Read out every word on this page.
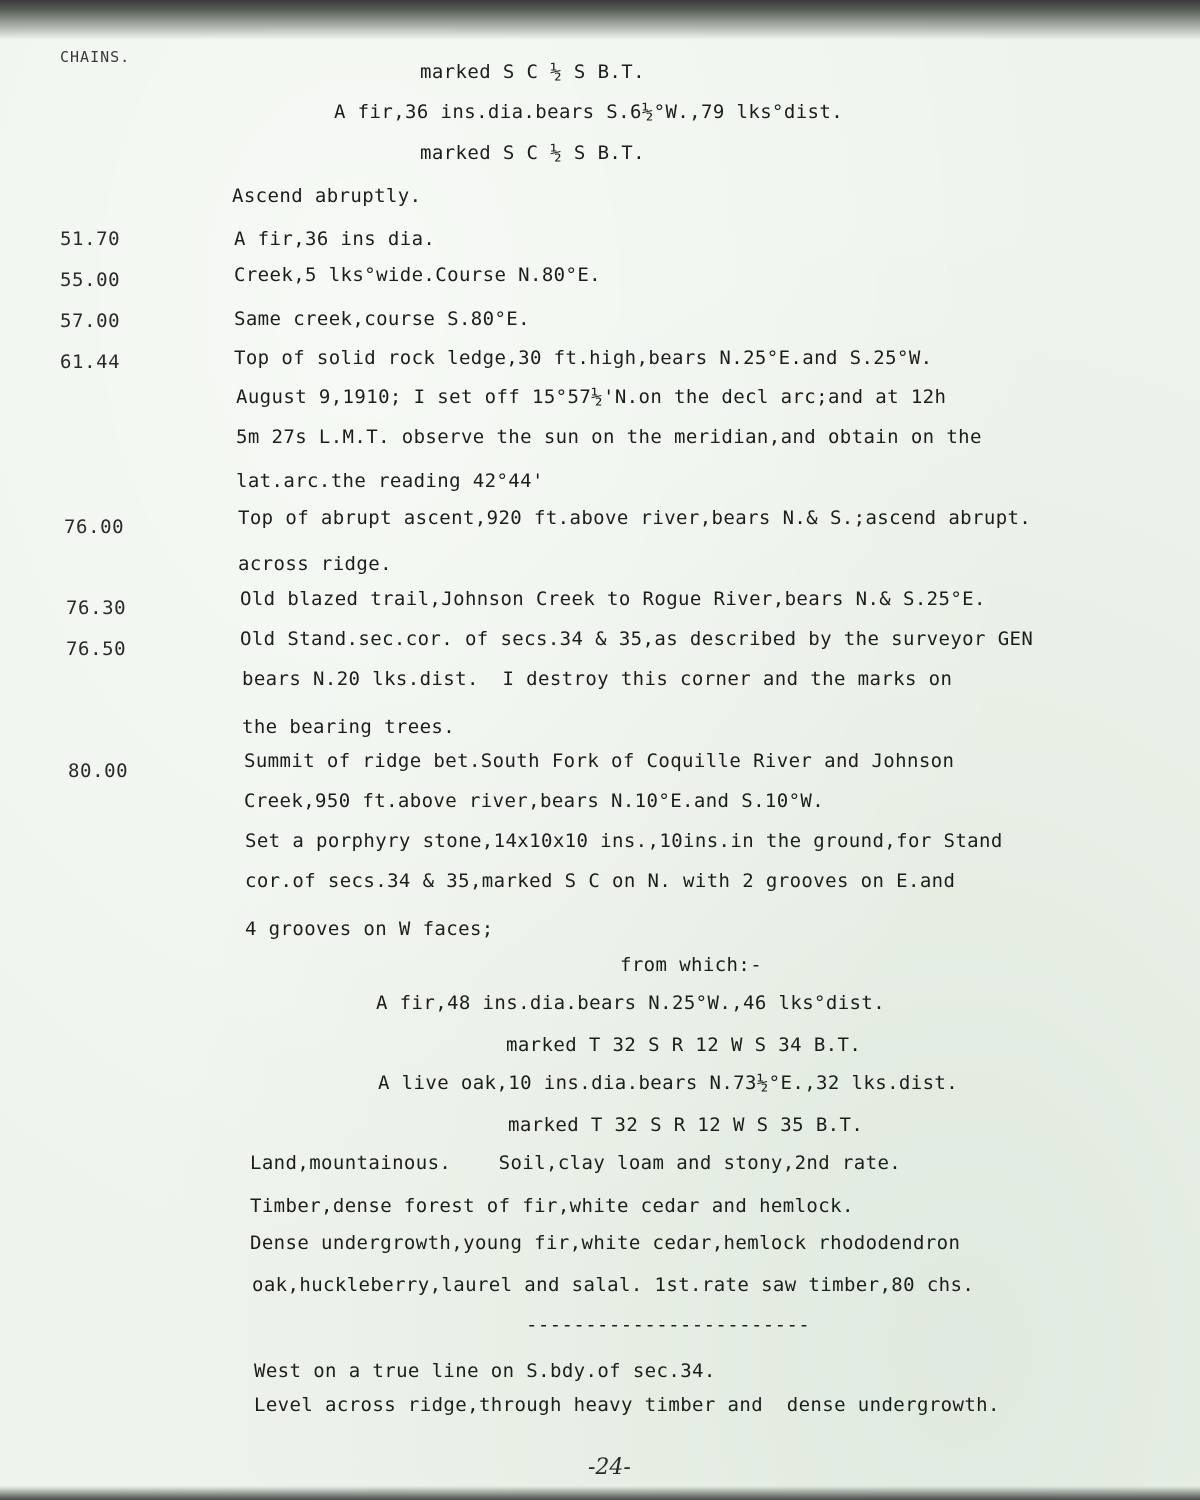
CHAINS.
51.70
55.00
57.00
61.44
76.00
76.30
76.50
80.00
marked S C ½ S B.T.
A fir,36 ins.dia.bears S.6½°W.,79 lks°dist.
marked S C ½ S B.T.
Ascend abruptly.
A fir,36 ins dia.
Creek,5 lks°wide.Course N.80°E.
Same creek,course S.80°E.
Top of solid rock ledge,30 ft.high,bears N.25°E.and S.25°W.
August 9,1910; I set off 15°57½'N.on the decl arc;and at 12h
5m 27s L.M.T. observe the sun on the meridian,and obtain on the
lat.arc.the reading 42°44'
Top of abrupt ascent,920 ft.above river,bears N.& S.;ascend abrupt.
across ridge.
Old blazed trail,Johnson Creek to Rogue River,bears N.& S.25°E.
Old Stand.sec.cor. of secs.34 & 35,as described by the surveyor GEN
bears N.20 lks.dist.  I destroy this corner and the marks on
the bearing trees.
Summit of ridge bet.South Fork of Coquille River and Johnson
Creek,950 ft.above river,bears N.10°E.and S.10°W.
Set a porphyry stone,14x10x10 ins.,10ins.in the ground,for Stand
cor.of secs.34 & 35,marked S C on N. with 2 grooves on E.and
4 grooves on W faces;
from which:-
A fir,48 ins.dia.bears N.25°W.,46 lks°dist.
marked T 32 S R 12 W S 34 B.T.
A live oak,10 ins.dia.bears N.73½°E.,32 lks.dist.
marked T 32 S R 12 W S 35 B.T.
Land,mountainous.    Soil,clay loam and stony,2nd rate.
Timber,dense forest of fir,white cedar and hemlock.
Dense undergrowth,young fir,white cedar,hemlock rhododendron
oak,huckleberry,laurel and salal. 1st.rate saw timber,80 chs.
------------------------
West on a true line on S.bdy.of sec.34.
Level across ridge,through heavy timber and  dense undergrowth.
-24-
